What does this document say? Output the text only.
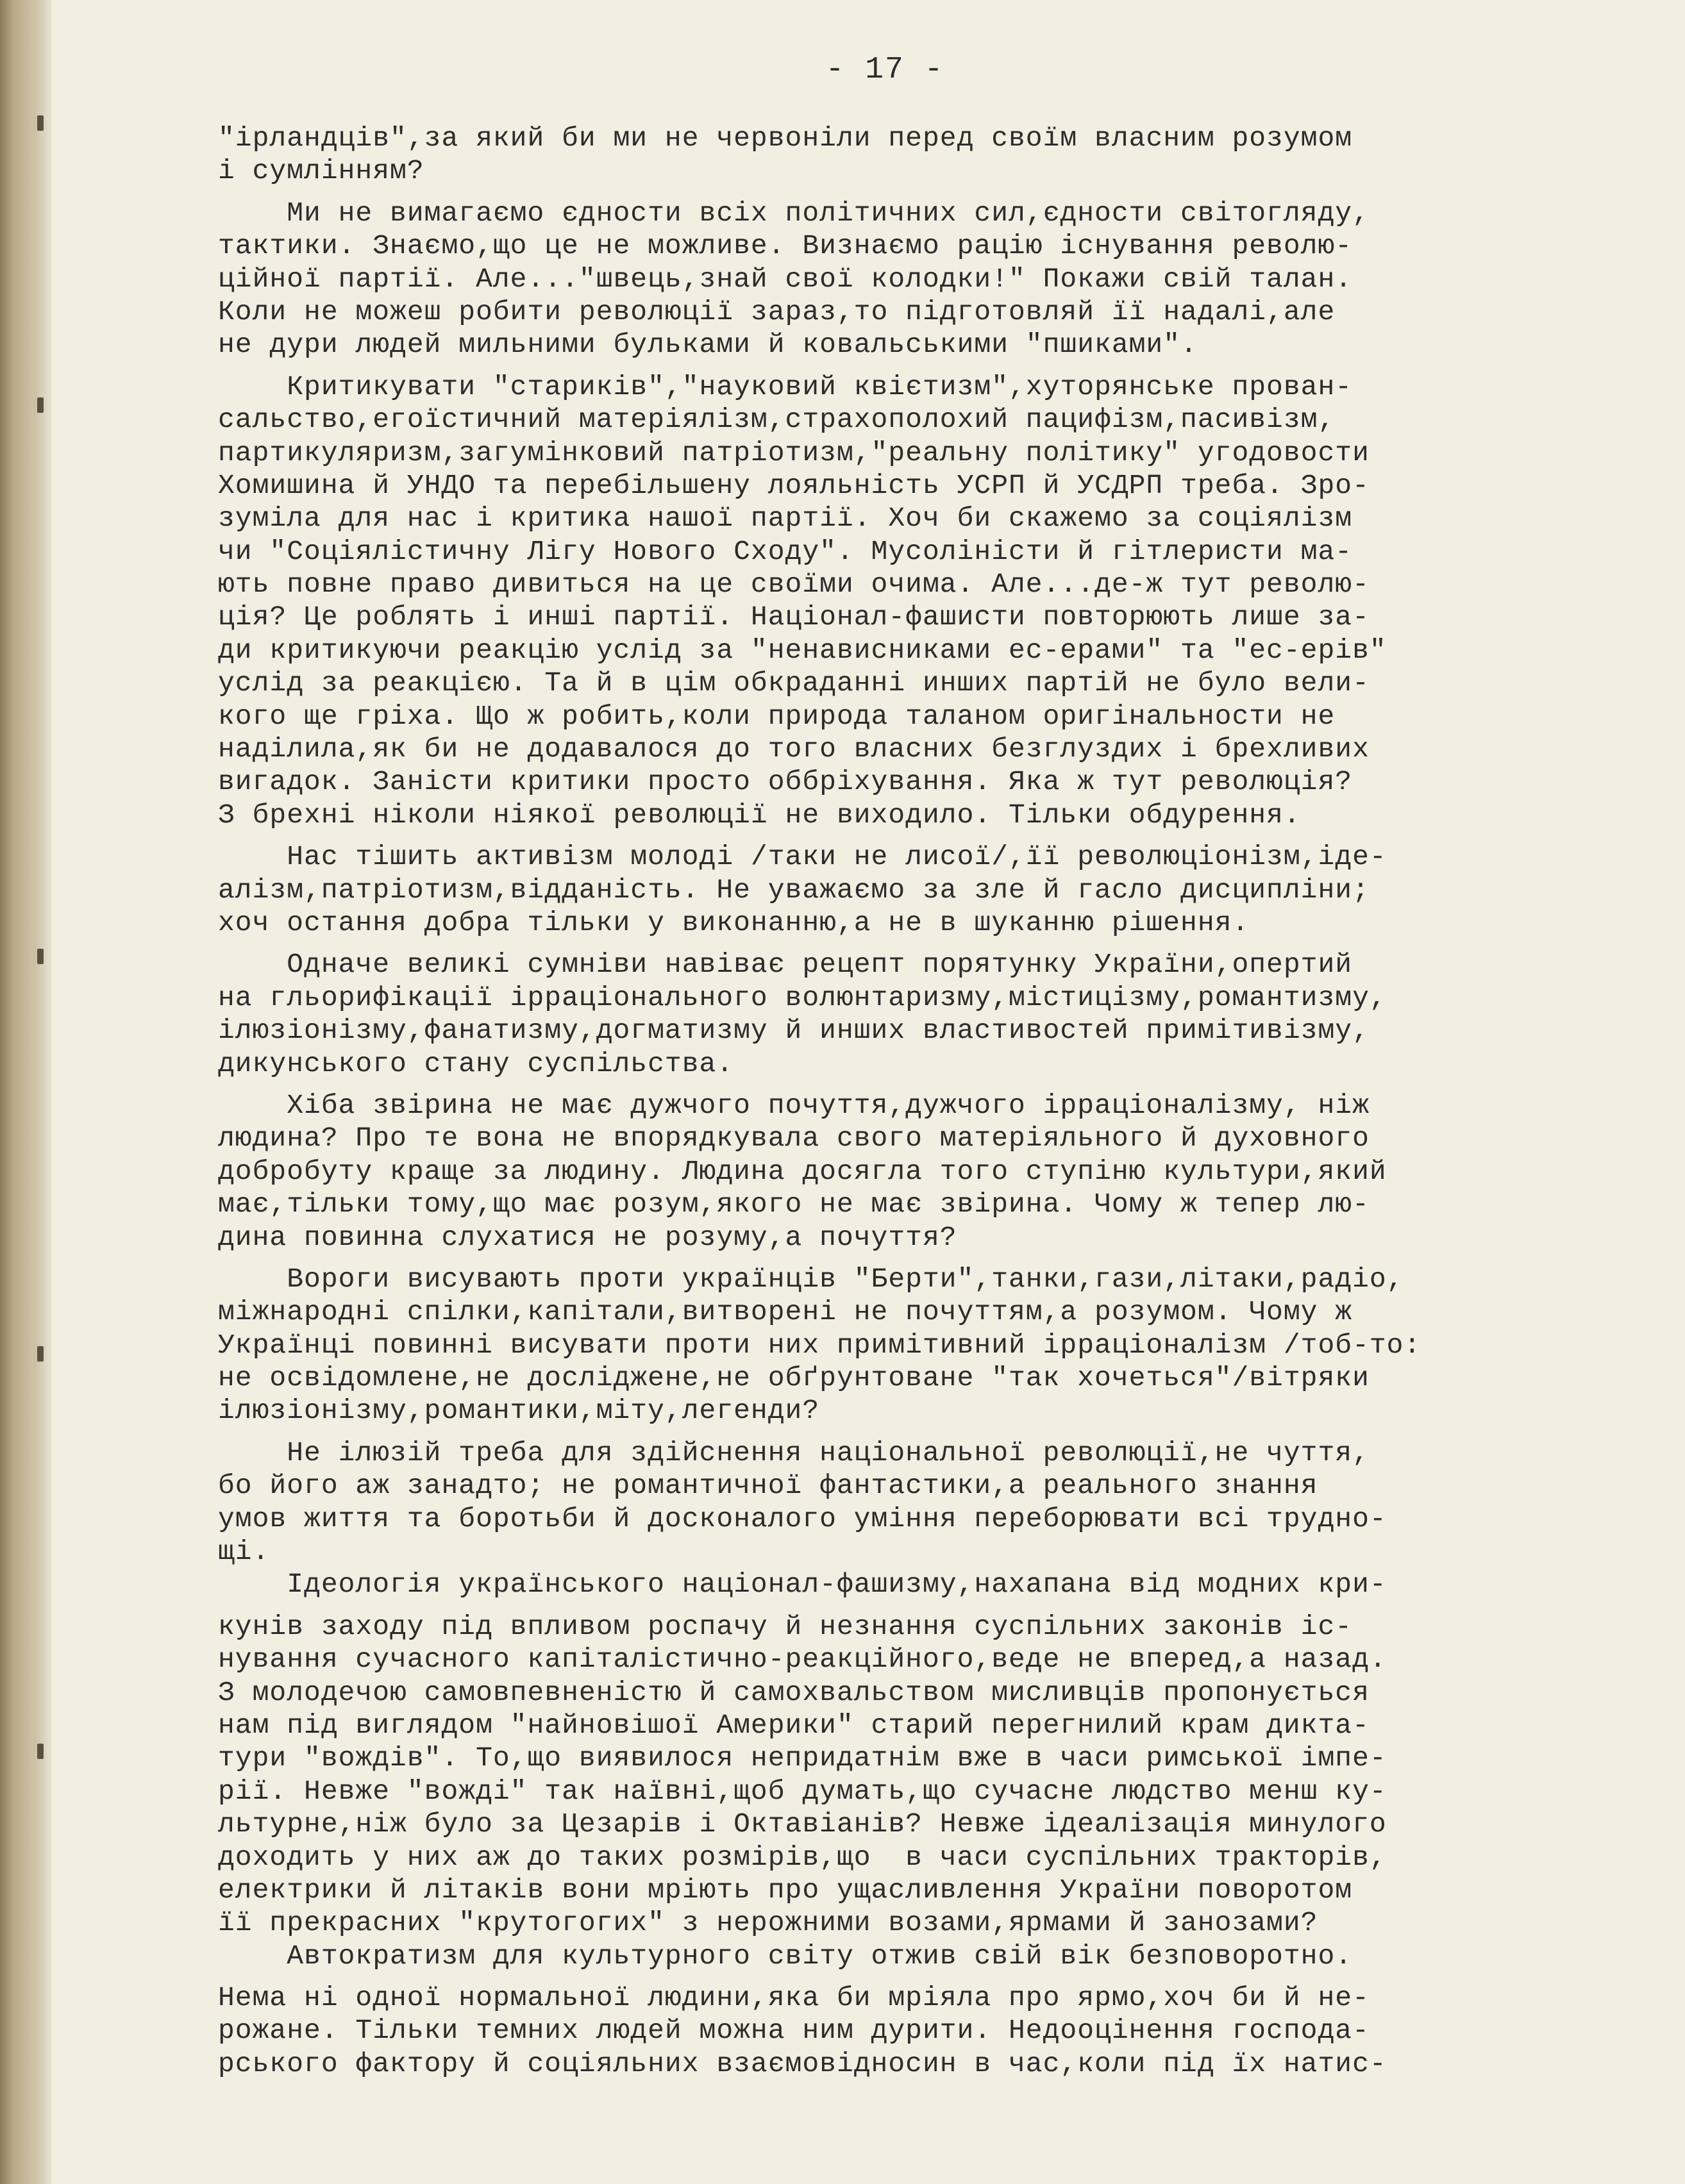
- 17 -
"ірландців",за який би ми не червоніли перед своїм власним розумом
і сумлінням?
Ми не вимагаємо єдности всіх політичних сил,єдности світогляду,
тактики. Знаємо,що це не можливе. Визнаємо рацію існування револю-
ційної партії. Але..."швець,знай свої колодки!" Покажи свій талан.
Коли не можеш робити революції зараз,то підготовляй її надалі,але
не дури людей мильними бульками й ковальськими "пшиками".
Критикувати "стариків","науковий квієтизм",хуторянське прован-
сальство,егоїстичний матеріялізм,страхополохий пацифізм,пасивізм,
партикуляризм,загумінковий патріотизм,"реальну політику" угодовости
Хомишина й УНДО та перебільшену лояльність УСРП й УСДРП треба. Зро-
зуміла для нас і критика нашої партії. Хоч би скажемо за соціялізм
чи "Соціялістичну Лігу Нового Сходу". Мусоліністи й гітлеристи ма-
ють повне право дивиться на це своїми очима. Але...де-ж тут револю-
ція? Це роблять і инші партії. Націонал-фашисти повторюють лише за-
ди критикуючи реакцію услід за "ненависниками ес-ерами" та "ес-ерів"
услід за реакцією. Та й в цім обкраданні инших партій не було вели-
кого ще гріха. Що ж робить,коли природа таланом оригінальности не
наділила,як би не додавалося до того власних безглуздих і брехливих
вигадок. Заністи критики просто оббріхування. Яка ж тут революція?
З брехні ніколи ніякої революції не виходило. Тільки обдурення.
Нас тішить активізм молоді /таки не лисої/,її революціонізм,іде-
алізм,патріотизм,відданість. Не уважаємо за зле й гасло дисципліни;
хоч остання добра тільки у виконанню,а не в шуканню рішення.
Одначе великі сумніви навіває рецепт порятунку України,опертий
на гльорифікації ірраціонального волюнтаризму,містицізму,романтизму,
ілюзіонізму,фанатизму,догматизму й инших властивостей примітивізму,
дикунського стану суспільства.
Хіба звірина не має дужчого почуття,дужчого ірраціоналізму, ніж
людина? Про те вона не впорядкувала свого матеріяльного й духовного
добробуту краще за людину. Людина досягла того ступіню культури,який
має,тільки тому,що має розум,якого не має звірина. Чому ж тепер лю-
дина повинна слухатися не розуму,а почуття?
Вороги висувають проти українців "Берти",танки,гази,літаки,радіо,
міжнародні спілки,капітали,витворені не почуттям,а розумом. Чому ж
Українці повинні висувати проти них примітивний ірраціоналізм /тоб-то:
не освідомлене,не досліджене,не обґрунтоване "так хочеться"/вітряки
ілюзіонізму,романтики,міту,легенди?
Не ілюзій треба для здійснення національної революції,не чуття,
бо його аж занадто; не романтичної фантастики,а реального знання
умов життя та боротьби й досконалого уміння переборювати всі трудно-
щі.
Ідеологія українського націонал-фашизму,нахапана від модних кри-
кунів заходу під впливом роспачу й незнання суспільних законів іс-
нування сучасного капіталістично-реакційного,веде не вперед,а назад.
З молодечою самовпевненістю й самохвальством мисливців пропонується
нам під виглядом "найновішої Америки" старий перегнилий крам дикта-
тури "вождів". То,що виявилося непридатнім вже в часи римської імпе-
рії. Невже "вожді" так наївні,щоб думать,що сучасне людство менш ку-
льтурне,ніж було за Цезарів і Октавіанів? Невже ідеалізація минулого
доходить у них аж до таких розмірів,що  в часи суспільних тракторів,
електрики й літаків вони мріють про ущасливлення України поворотом
її прекрасних "крутогогих" з нерожними возами,ярмами й занозами?
Автократизм для культурного світу отжив свій вік безповоротно.
Нема ні одної нормальної людини,яка би мріяла про ярмо,хоч би й не-
рожане. Тільки темних людей можна ним дурити. Недооцінення господа-
рського фактору й соціяльних взаємовідносин в час,коли під їх натис-
